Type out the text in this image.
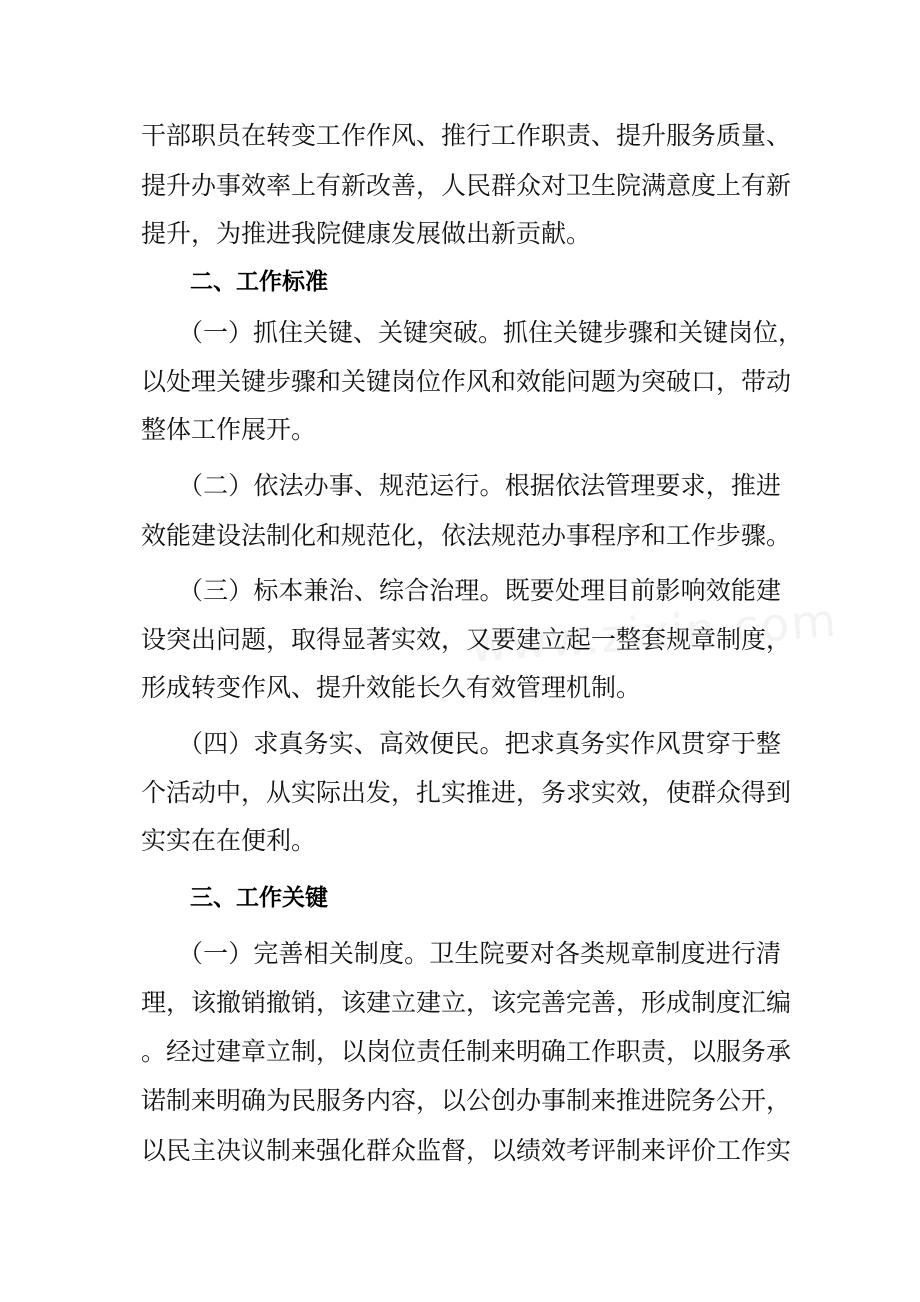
干部职员在转变工作作风、推行工作职责、提升服务质量、
提升办事效率上有新改善，人民群众对卫生院满意度上有新
提升，为推进我院健康发展做出新贡献。
二、工作标准
（一）抓住关键、关键突破。抓住关键步骤和关键岗位，
以处理关键步骤和关键岗位作风和效能问题为突破口，带动
整体工作展开。
（二）依法办事、规范运行。根据依法管理要求，推进
效能建设法制化和规范化，依法规范办事程序和工作步骤。
（三）标本兼治、综合治理。既要处理目前影响效能建
设突出问题，取得显著实效，又要建立起一整套规章制度，
形成转变作风、提升效能长久有效管理机制。
（四）求真务实、高效便民。把求真务实作风贯穿于整
个活动中，从实际出发，扎实推进，务求实效，使群众得到
实实在在便利。
三、工作关键
（一）完善相关制度。卫生院要对各类规章制度进行清
理，该撤销撤销，该建立建立，该完善完善，形成制度汇编
。经过建章立制，以岗位责任制来明确工作职责，以服务承
诺制来明确为民服务内容，以公创办事制来推进院务公开，
以民主决议制来强化群众监督，以绩效考评制来评价工作实
